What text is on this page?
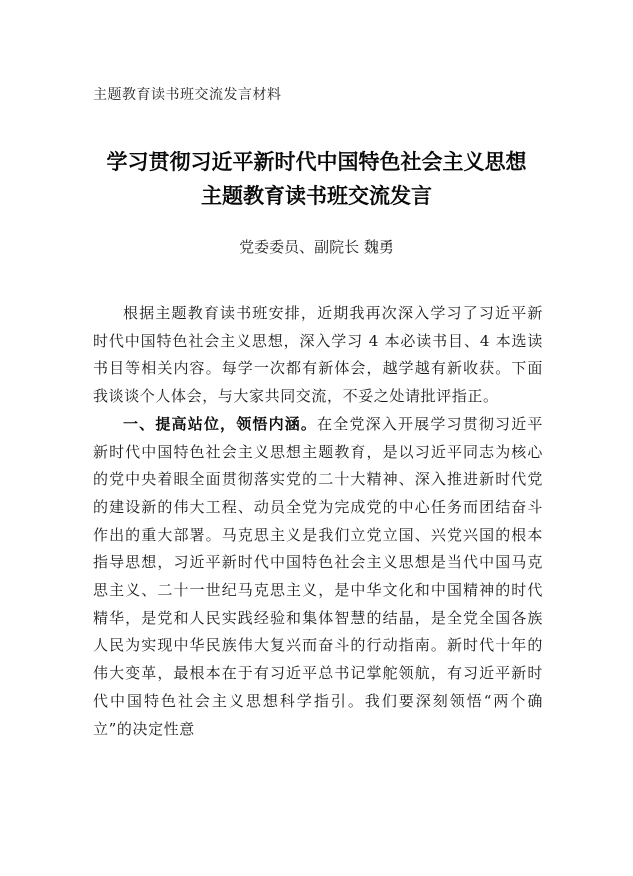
主题教育读书班交流发言材料
学习贯彻习近平新时代中国特色社会主义思想
主题教育读书班交流发言
党委委员、副院长 魏勇

根据主题教育读书班安排，近期我再次深入学习了习近平新时代中国特色社会主义思想，深入学习 4 本必读书目、4 本选读书目等相关内容。每学一次都有新体会，越学越有新收获。下面我谈谈个人体会，与大家共同交流，不妥之处请批评指正。

一、提高站位，领悟内涵。在全党深入开展学习贯彻习近平新时代中国特色社会主义思想主题教育，是以习近平同志为核心的党中央着眼全面贯彻落实党的二十大精神、深入推进新时代党的建设新的伟大工程、动员全党为完成党的中心任务而团结奋斗作出的重大部署。马克思主义是我们立党立国、兴党兴国的根本指导思想，习近平新时代中国特色社会主义思想是当代中国马克思主义、二十一世纪马克思主义，是中华文化和中国精神的时代精华，是党和人民实践经验和集体智慧的结晶，是全党全国各族人民为实现中华民族伟大复兴而奋斗的行动指南。新时代十年的伟大变革，最根本在于有习近平总书记掌舵领航，有习近平新时代中国特色社会主义思想科学指引。我们要深刻领悟“两个确立”的决定性意
